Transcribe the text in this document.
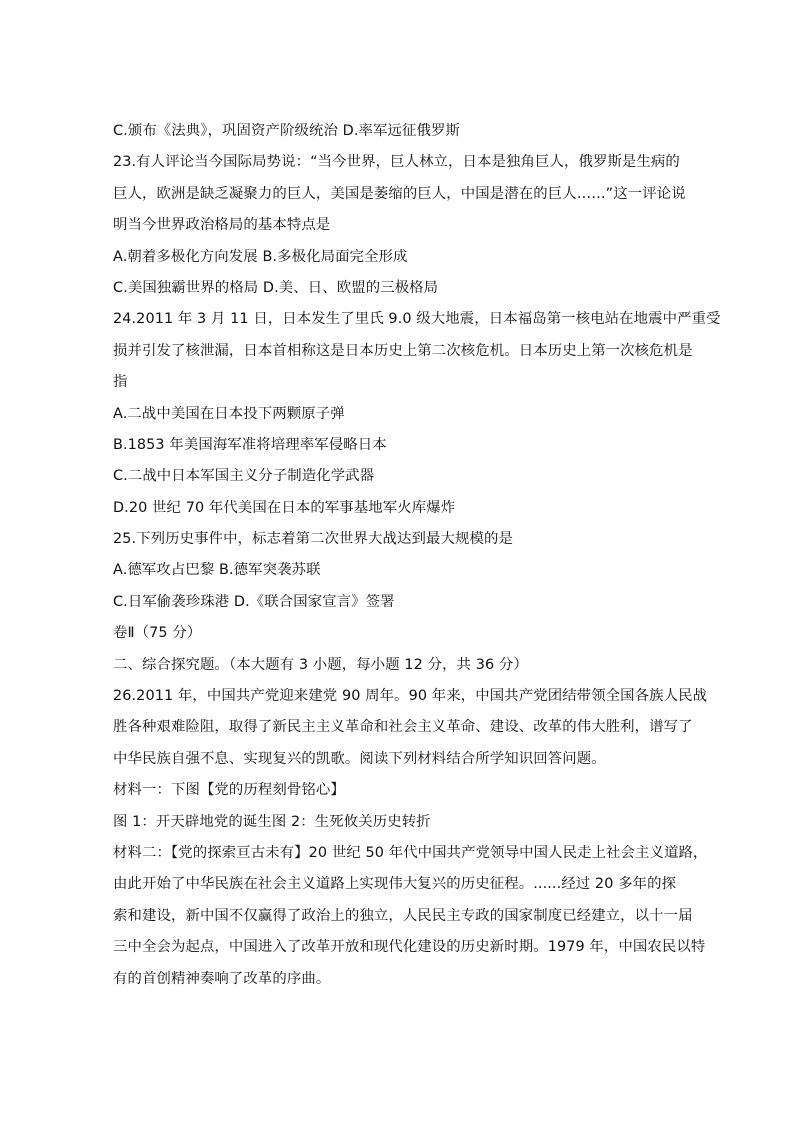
C.颁布《法典》，巩固资产阶级统治 D.率军远征俄罗斯
23.有人评论当今国际局势说：“当今世界，巨人林立，日本是独角巨人，俄罗斯是生病的
巨人，欧洲是缺乏凝聚力的巨人，美国是萎缩的巨人，中国是潜在的巨人……”这一评论说
明当今世界政治格局的基本特点是
A.朝着多极化方向发展 B.多极化局面完全形成
C.美国独霸世界的格局 D.美、日、欧盟的三极格局
24.2011 年 3 月 11 日，日本发生了里氏 9.0 级大地震，日本福岛第一核电站在地震中严重受
损并引发了核泄漏，日本首相称这是日本历史上第二次核危机。日本历史上第一次核危机是
指
A.二战中美国在日本投下两颗原子弹
B.1853 年美国海军准将培理率军侵略日本
C.二战中日本军国主义分子制造化学武器
D.20 世纪 70 年代美国在日本的军事基地军火库爆炸
25.下列历史事件中，标志着第二次世界大战达到最大规模的是
A.德军攻占巴黎 B.德军突袭苏联
C.日军偷袭珍珠港 D.《联合国家宣言》签署
卷Ⅱ（75 分）
二、综合探究题。（本大题有 3 小题，每小题 12 分，共 36 分）
26.2011 年，中国共产党迎来建党 90 周年。90 年来，中国共产党团结带领全国各族人民战
胜各种艰难险阻，取得了新民主主义革命和社会主义革命、建设、改革的伟大胜利，谱写了
中华民族自强不息、实现复兴的凯歌。阅读下列材料结合所学知识回答问题。
材料一：下图【党的历程刻骨铭心】
图 1：开天辟地党的诞生图 2：生死攸关历史转折
材料二：【党的探索亘古未有】20 世纪 50 年代中国共产党领导中国人民走上社会主义道路，
由此开始了中华民族在社会主义道路上实现伟大复兴的历史征程。......经过 20 多年的探
索和建设，新中国不仅赢得了政治上的独立，人民民主专政的国家制度已经建立，以十一届
三中全会为起点，中国进入了改革开放和现代化建设的历史新时期。1979 年，中国农民以特
有的首创精神奏响了改革的序曲。
